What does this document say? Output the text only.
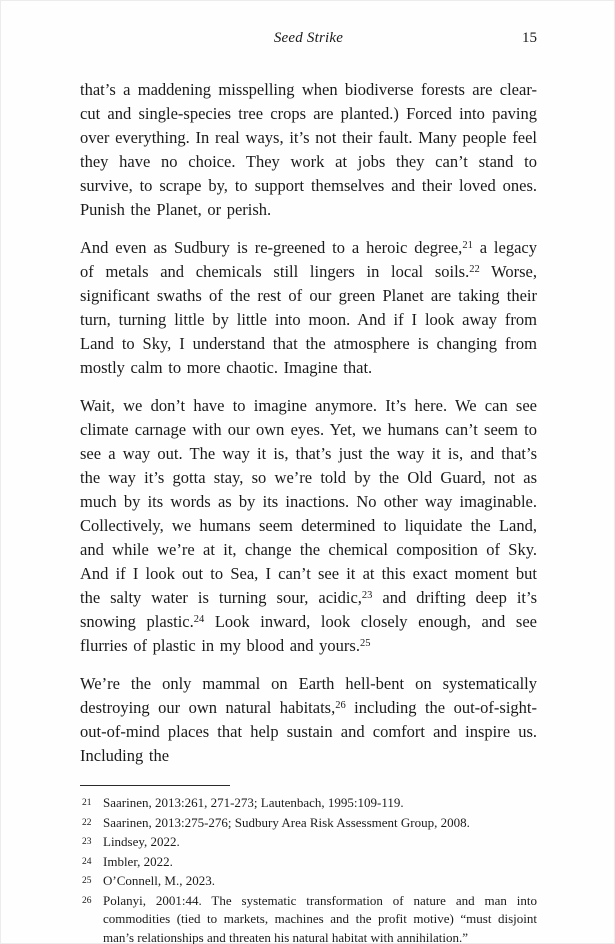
Seed Strike	15

that’s a maddening misspelling when biodiverse forests are clear-cut and single-species tree crops are planted.) Forced into paving over everything. In real ways, it’s not their fault. Many people feel they have no choice. They work at jobs they can’t stand to survive, to scrape by, to support themselves and their loved ones. Punish the Planet, or perish.

And even as Sudbury is re-greened to a heroic degree,$^{21}$ a legacy of metals and chemicals still lingers in local soils.$^{22}$ Worse, significant swaths of the rest of our green Planet are taking their turn, turning little by little into moon. And if I look away from Land to Sky, I understand that the atmosphere is changing from mostly calm to more chaotic. Imagine that.

Wait, we don’t have to imagine anymore. It’s here. We can see climate carnage with our own eyes. Yet, we humans can’t seem to see a way out. The way it is, that’s just the way it is, and that’s the way it’s gotta stay, so we’re told by the Old Guard, not as much by its words as by its inactions. No other way imaginable. Collectively, we humans seem determined to liquidate the Land, and while we’re at it, change the chemical composition of Sky. And if I look out to Sea, I can’t see it at this exact moment but the salty water is turning sour, acidic,$^{23}$ and drifting deep it’s snowing plastic.$^{24}$ Look inward, look closely enough, and see flurries of plastic in my blood and yours.$^{25}$

We’re the only mammal on Earth hell-bent on systematically destroying our own natural habitats,$^{26}$ including the out-of-sight-out-of-mind places that help sustain and comfort and inspire us. Including the

21 Saarinen, 2013:261, 271-273; Lautenbach, 1995:109-119.
22 Saarinen, 2013:275-276; Sudbury Area Risk Assessment Group, 2008.
23 Lindsey, 2022.
24 Imbler, 2022.
25 O’Connell, M., 2023.
26 Polanyi, 2001:44. The systematic transformation of nature and man into commodities (tied to markets, machines and the profit motive) “must disjoint man’s relationships and threaten his natural habitat with annihilation.”
